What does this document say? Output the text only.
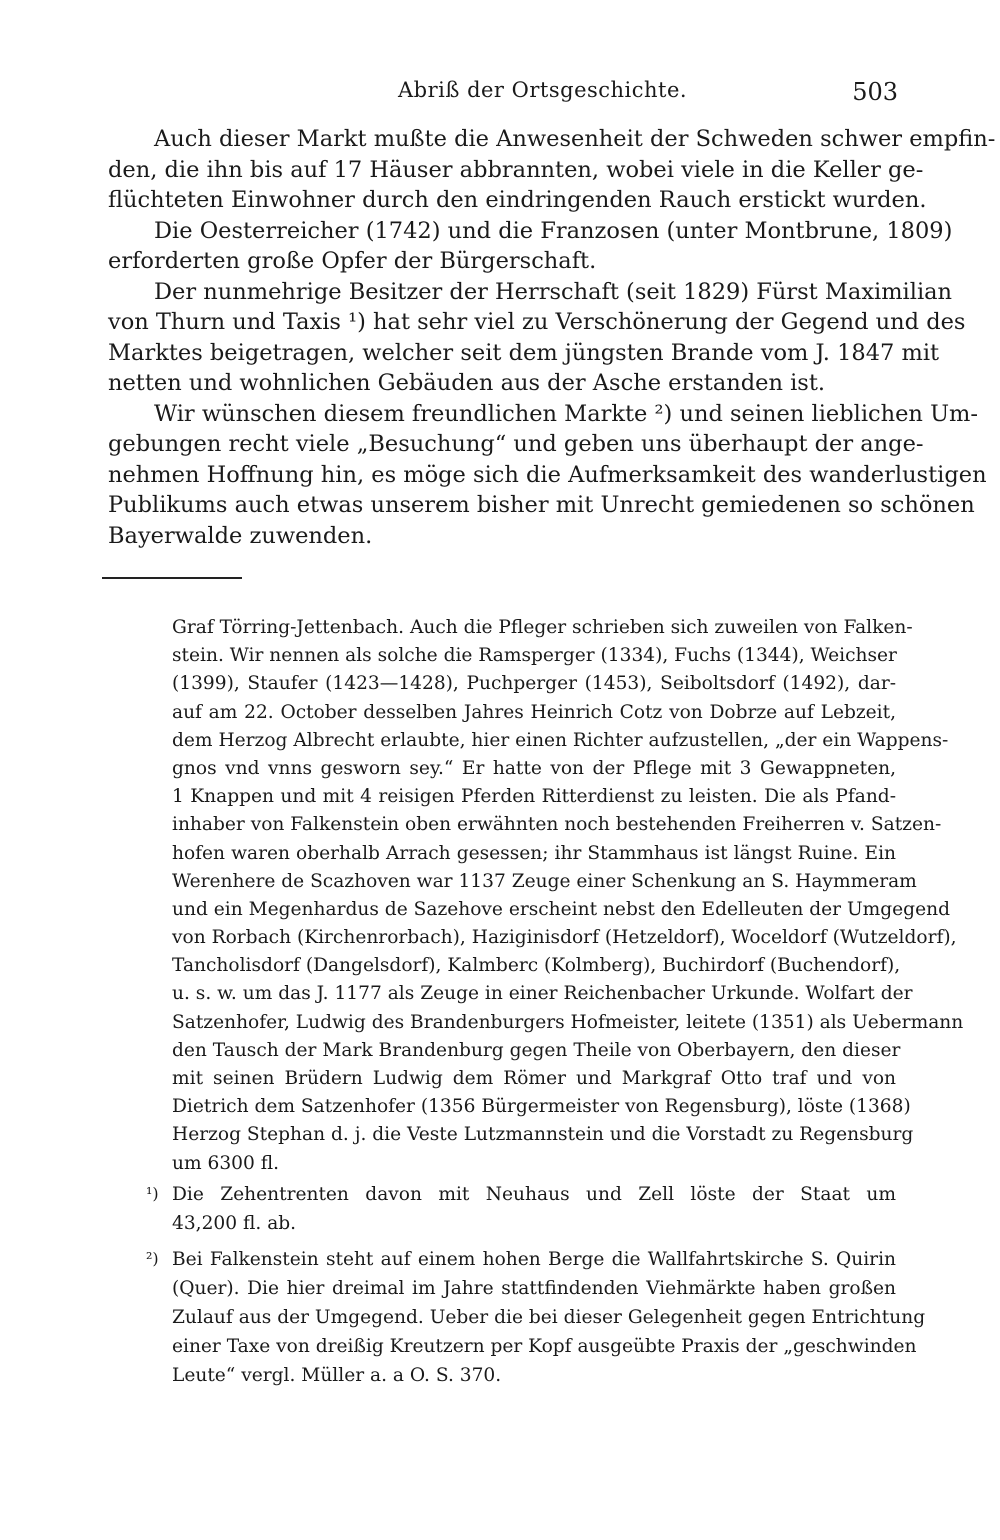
Abriß der Ortsgeschichte.	503
Auch dieser Markt mußte die Anwesenheit der Schweden schwer empfin-
den, die ihn bis auf 17 Häuser abbrannten, wobei viele in die Keller ge-
flüchteten Einwohner durch den eindringenden Rauch erstickt wurden.
Die Oesterreicher (1742) und die Franzosen (unter Montbrune, 1809)
erforderten große Opfer der Bürgerschaft.
Der nunmehrige Besitzer der Herrschaft (seit 1829) Fürst Maximilian
von Thurn und Taxis ¹) hat sehr viel zu Verschönerung der Gegend und des
Marktes beigetragen, welcher seit dem jüngsten Brande vom J. 1847 mit
netten und wohnlichen Gebäuden aus der Asche erstanden ist.
Wir wünschen diesem freundlichen Markte ²) und seinen lieblichen Um-
gebungen recht viele „Besuchung“ und geben uns überhaupt der ange-
nehmen Hoffnung hin, es möge sich die Aufmerksamkeit des wanderlustigen
Publikums auch etwas unserem bisher mit Unrecht gemiedenen so schönen
Bayerwalde zuwenden.
Graf Törring-Jettenbach. Auch die Pfleger schrieben sich zuweilen von Falken-
stein. Wir nennen als solche die Ramsperger (1334), Fuchs (1344), Weichser
(1399), Staufer (1423—1428), Puchperger (1453), Seiboltsdorf (1492), dar-
auf am 22. October desselben Jahres Heinrich Cotz von Dobrze auf Lebzeit,
dem Herzog Albrecht erlaubte, hier einen Richter aufzustellen, „der ein Wappens-
gnos vnd vnns gesworn sey.“ Er hatte von der Pflege mit 3 Gewappneten,
1 Knappen und mit 4 reisigen Pferden Ritterdienst zu leisten. Die als Pfand-
inhaber von Falkenstein oben erwähnten noch bestehenden Freiherren v. Satzen-
hofen waren oberhalb Arrach gesessen; ihr Stammhaus ist längst Ruine. Ein
Werenhere de Scazhoven war 1137 Zeuge einer Schenkung an S. Haymmeram
und ein Megenhardus de Sazehove erscheint nebst den Edelleuten der Umgegend
von Rorbach (Kirchenrorbach), Haziginisdorf (Hetzeldorf), Woceldorf (Wutzeldorf),
Tancholisdorf (Dangelsdorf), Kalmberc (Kolmberg), Buchirdorf (Buchendorf),
u. s. w. um das J. 1177 als Zeuge in einer Reichenbacher Urkunde. Wolfart der
Satzenhofer, Ludwig des Brandenburgers Hofmeister, leitete (1351) als Uebermann
den Tausch der Mark Brandenburg gegen Theile von Oberbayern, den dieser
mit seinen Brüdern Ludwig dem Römer und Markgraf Otto traf und von
Dietrich dem Satzenhofer (1356 Bürgermeister von Regensburg), löste (1368)
Herzog Stephan d. j. die Veste Lutzmannstein und die Vorstadt zu Regensburg
um 6300 fl.
¹) Die Zehentrenten davon mit Neuhaus und Zell löste der Staat um
43,200 fl. ab.
²) Bei Falkenstein steht auf einem hohen Berge die Wallfahrtskirche S. Quirin
(Quer). Die hier dreimal im Jahre stattfindenden Viehmärkte haben großen
Zulauf aus der Umgegend. Ueber die bei dieser Gelegenheit gegen Entrichtung
einer Taxe von dreißig Kreutzern per Kopf ausgeübte Praxis der „geschwinden
Leute“ vergl. Müller a. a O. S. 370.
